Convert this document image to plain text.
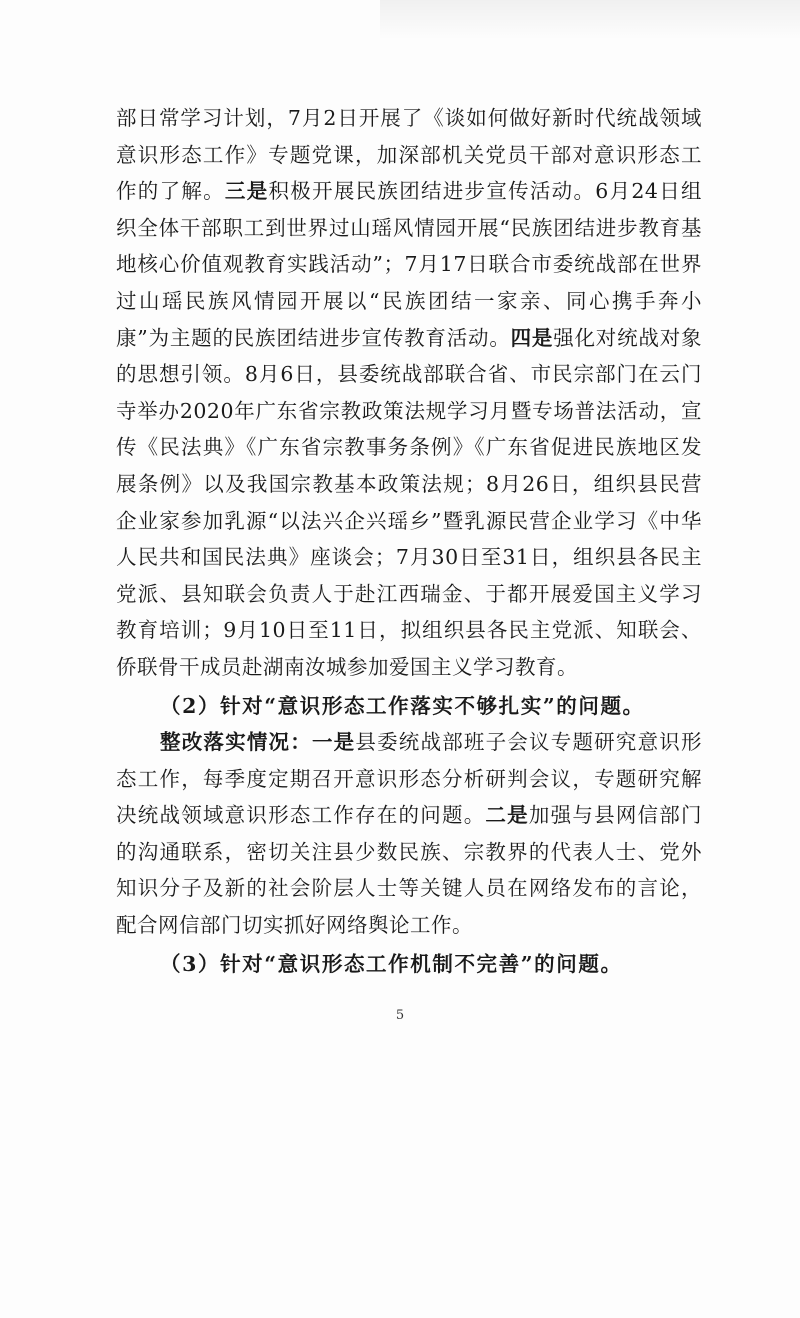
部日常学习计划，7月2日开展了《谈如何做好新时代统战领域意识形态工作》专题党课，加深部机关党员干部对意识形态工作的了解。三是积极开展民族团结进步宣传活动。6月24日组织全体干部职工到世界过山瑶风情园开展“民族团结进步教育基地核心价值观教育实践活动”；7月17日联合市委统战部在世界过山瑶民族风情园开展以“民族团结一家亲、同心携手奔小康”为主题的民族团结进步宣传教育活动。四是强化对统战对象的思想引领。8月6日，县委统战部联合省、市民宗部门在云门寺举办2020年广东省宗教政策法规学习月暨专场普法活动，宣传《民法典》《广东省宗教事务条例》《广东省促进民族地区发展条例》以及我国宗教基本政策法规；8月26日，组织县民营企业家参加乳源“以法兴企兴瑶乡”暨乳源民营企业学习《中华人民共和国民法典》座谈会；7月30日至31日，组织县各民主党派、县知联会负责人于赴江西瑞金、于都开展爱国主义学习教育培训；9月10日至11日，拟组织县各民主党派、知联会、侨联骨干成员赴湖南汝城参加爱国主义学习教育。

（2）针对“意识形态工作落实不够扎实”的问题。

整改落实情况：一是县委统战部班子会议专题研究意识形态工作，每季度定期召开意识形态分析研判会议，专题研究解决统战领域意识形态工作存在的问题。二是加强与县网信部门的沟通联系，密切关注县少数民族、宗教界的代表人士、党外知识分子及新的社会阶层人士等关键人员在网络发布的言论，配合网信部门切实抓好网络舆论工作。

（3）针对“意识形态工作机制不完善”的问题。

5
